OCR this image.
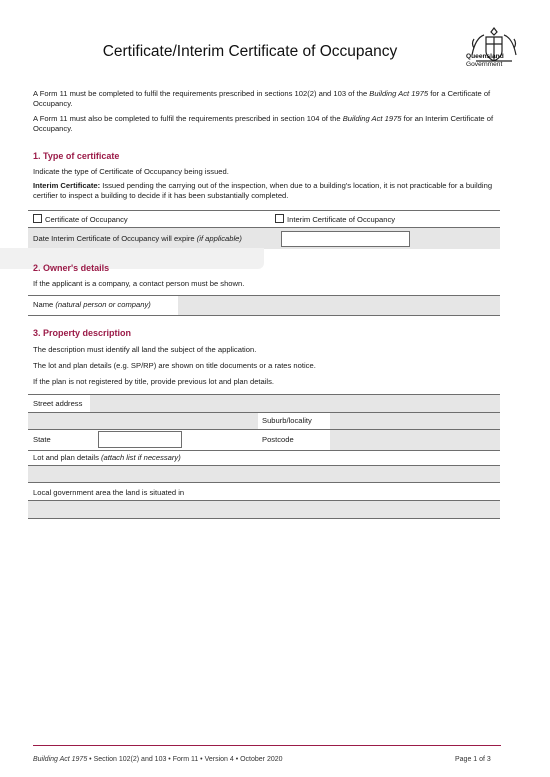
Certificate/Interim Certificate of Occupancy	Queensland
Government
A Form 11 must be completed to fulfil the requirements prescribed in sections 102(2) and 103 of the Building Act 1975 for a Certificate of Occupancy.
A Form 11 must also be completed to fulfil the requirements prescribed in section 104 of the Building Act 1975 for an Interim Certificate of Occupancy.
1. Type of certificate
Indicate the type of Certificate of Occupancy being issued.
Interim Certificate: Issued pending the carrying out of the inspection, when due to a building's location, it is not practicable for a building certifier to inspect a building to decide if it has been substantially completed.
Certificate of Occupancy	Interim Certificate of Occupancy
Date Interim Certificate of Occupancy will expire (if applicable)
2. Owner's details
If the applicant is a company, a contact person must be shown.
Name (natural person or company)
3. Property description
The description must identify all land the subject of the application.
The lot and plan details (e.g. SP/RP) are shown on title documents or a rates notice.
If the plan is not registered by title, provide previous lot and plan details.
Street address
Suburb/locality
State	Postcode
Lot and plan details (attach list if necessary)
Local government area the land is situated in
Building Act 1975 • Section 102(2) and 103 • Form 11 • Version 4 • October 2020	Page 1 of 3
